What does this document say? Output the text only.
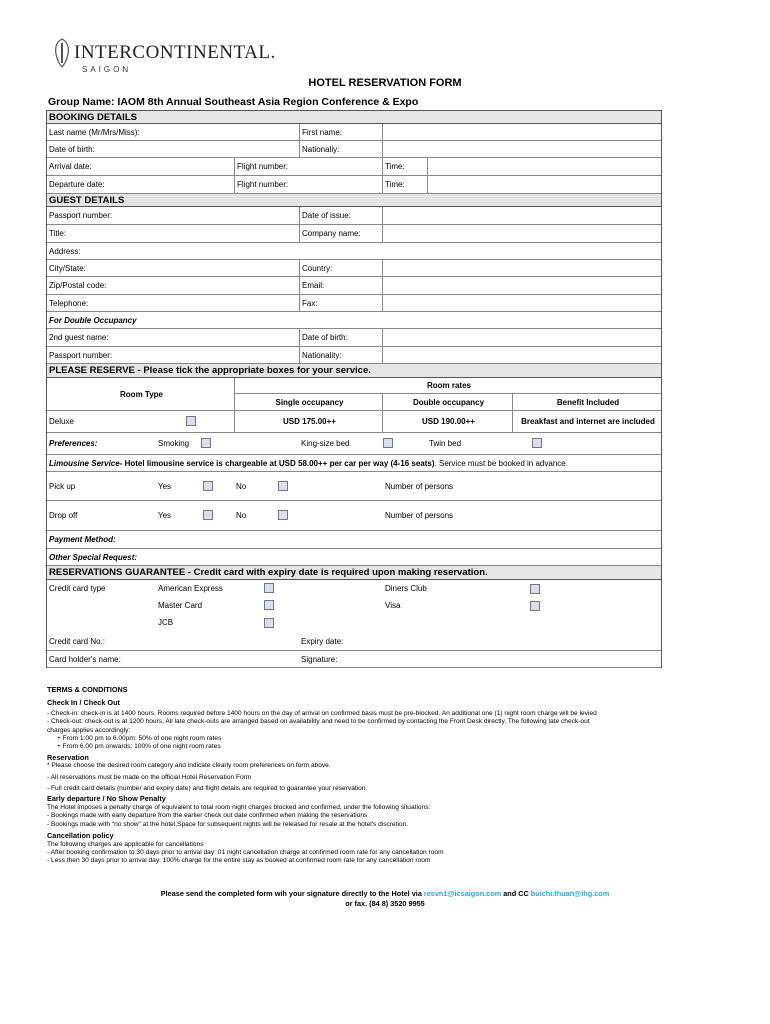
INTERCONTINENTAL.
SAIGON
HOTEL RESERVATION FORM
Group Name: IAOM 8th Annual Southeast Asia Region Conference & Expo
BOOKING DETAILS
Last name (Mr/Mrs/Miss):	First name:
Date of birth:	Nationaliy:
Arrival date:	Flight number:	Time:
Departure date:	Flight number:	Time:
GUEST DETAILS
Passport number:	Date of issue:
Title:	Company name:
Address:
City/State:	Country:
Zip/Postal code:	Email:
Telephone:	Fax:
For Double Occupancy
2nd guest name:	Date of birth:
Passport number:	Nationality:
PLEASE RESERVE - Please tick the appropriate boxes for your service.
Room Type
Room rates
Single occupancy	Double occupancy	Benefit Included
Deluxe	USD 175.00++	USD 190.00++	Breakfast and internet are included
Preferences:	Smoking	King-size bed	Twin bed
Limousine Service - Hotel limousine service is chargeable at USD 58.00++ per car per way (4-16 seats) . Service must be booked in advance.
Pick up	Yes	No	Number of persons
Drop off	Yes	No	Number of persons
Payment Method:
Other Special Request:
RESERVATIONS GUARANTEE - Credit card with expiry date is required upon making reservation.
Credit card type	American Express	Diners Club
Master Card	Visa
JCB
Credit card No.:	Expiry date:
Card holder's name:	Signature:
TERMS & CONDITIONS
Check In / Check Out
- Check-in: check-in is at 1400 hours. Rooms required before 1400 hours on the day of arrival on confirmed basis must be pre-blocked. An additional one (1) night room charge will be levied
- Check-out: check-out is at 1200 hours. All late check-outs are arranged based on availability and need to be confirmed by contacting the Front Desk directly. The following late check-out
charges applies accordingly:
+ From 1:00 pm to 6.00pm: 50% of one night room rates
+ From 6.00 pm onwards: 100% of one night room rates
Reservation
* Please choose the desired room category and indicate clearly room preferences on form above.
- All reservations must be made on the official Hotel Reservation Form
- Full credit card details (number and expiry date) and flight details are required to guarantee your reservation
Early departure / No Show Penalty
The Hotel imposes a penalty charge of equivalent to total room night charges blocked and confirmed, under the following situations:
- Bookings made with early departure from the earlier check out date confirmed when making the reservations
- Bookings made with “no show” at the hotel,Space for subsequent nights will be released for resale at the hotel's discretion.
Cancellation policy
The following charges are applicable for cancellations
- After booking confirmation to 30 days prior to arrival day: 01 night cancellation charge at confirmed room rate for any cancellation room
- Less then 30 days prior to arrival day: 100% charge for the entire stay as booked at confirmed room rate for any cancellation room
Please send the completed form wih your signature directly to the Hotel via resvn1@icsaigon.com and CC buichi.thuan@ihg.com
or fax. (84 8) 3520 9955
